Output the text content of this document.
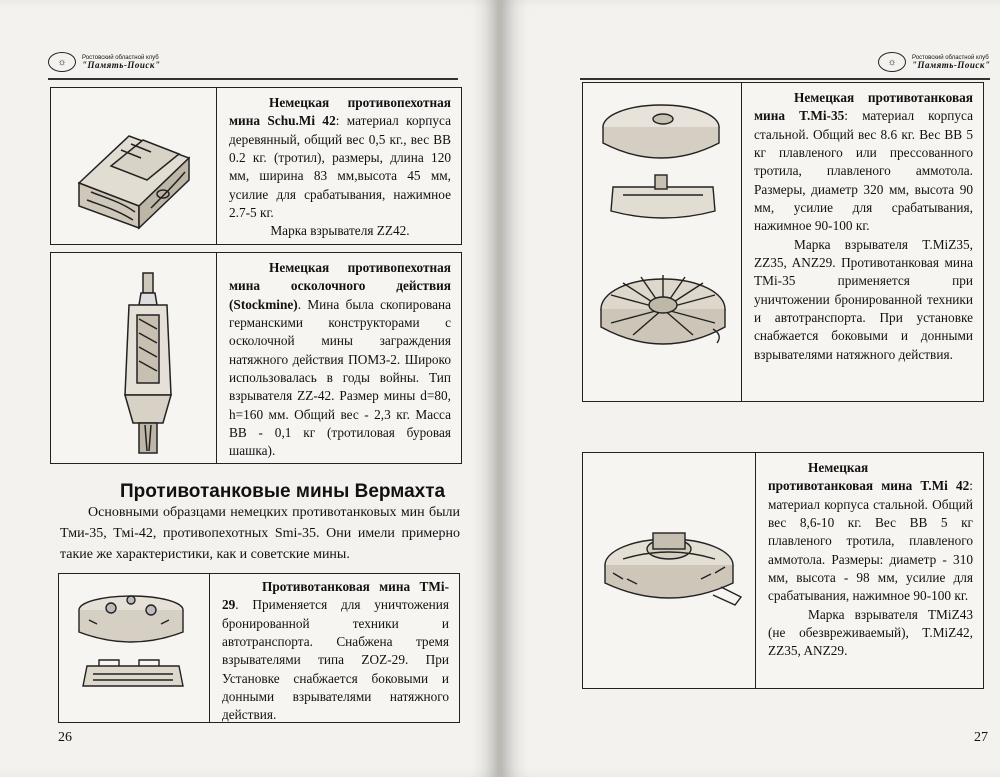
☼	Ростовский областной клуб
"Память-Поиск"

Немецкая противопехотная мина Schu.Mi 42: материал корпуса деревянный, общий вес 0,5 кг., вес ВВ 0.2 кг. (тротил), размеры, длина 120 мм, ширина 83 мм,высота 45 мм, усилие для срабатывания, нажимное 2.7-5 кг.

Марка взрывателя ZZ42.

Немецкая противопехотная мина осколочного действия (Stockmine). Мина была скопирована германскими конструкторами с осколочной мины заграждения натяжного действия ПОМЗ-2. Широко использовалась в годы войны. Тип взрывателя ZZ-42. Размер мины d=80, h=160 мм. Общий вес - 2,3 кг. Масса ВВ - 0,1 кг (тротиловая буровая шашка).

Противотанковые мины Вермахта

Основными образцами немецких противотанковых мин были Тми-35, Тмi-42, противопехотных Smi-35. Они имели примерно такие же характеристики, как и советские мины.

Противотанковая мина TMi-29. Применяется для уничтожения бронированной техники и автотранспорта. Снабжена тремя взрывателями типа ZOZ-29. При Установке снабжается боковыми и донными взрывателями натяжного действия.

26
☼	Ростовский областной клуб
"Память-Поиск"

Немецкая противотанковая мина T.Mi-35: материал корпуса стальной. Общий вес 8.6 кг. Вес ВВ 5 кг плавленого или прессованного тротила, плавленого аммотола. Размеры, диаметр 320 мм, высота 90 мм, усилие для срабатывания, нажимное 90-100 кг.

Марка взрывателя T.MiZ35, ZZ35, ANZ29. Противотанковая мина TMi-35 применяется при уничтожении бронированной техники и автотранспорта. При установке снабжается боковыми и донными взрывателями натяжного действия.

Немецкая противотанковая мина T.Mi 42: материал корпуса стальной. Общий вес 8,6-10 кг. Вес ВВ 5 кг плавленого тротила, плавленого аммотола. Размеры: диаметр - 310 мм, высота - 98 мм, усилие для срабатывания, нажимное 90-100 кг.

Марка взрывателя TMiZ43 (не обезвреживаемый), T.MiZ42, ZZ35, ANZ29.

27
